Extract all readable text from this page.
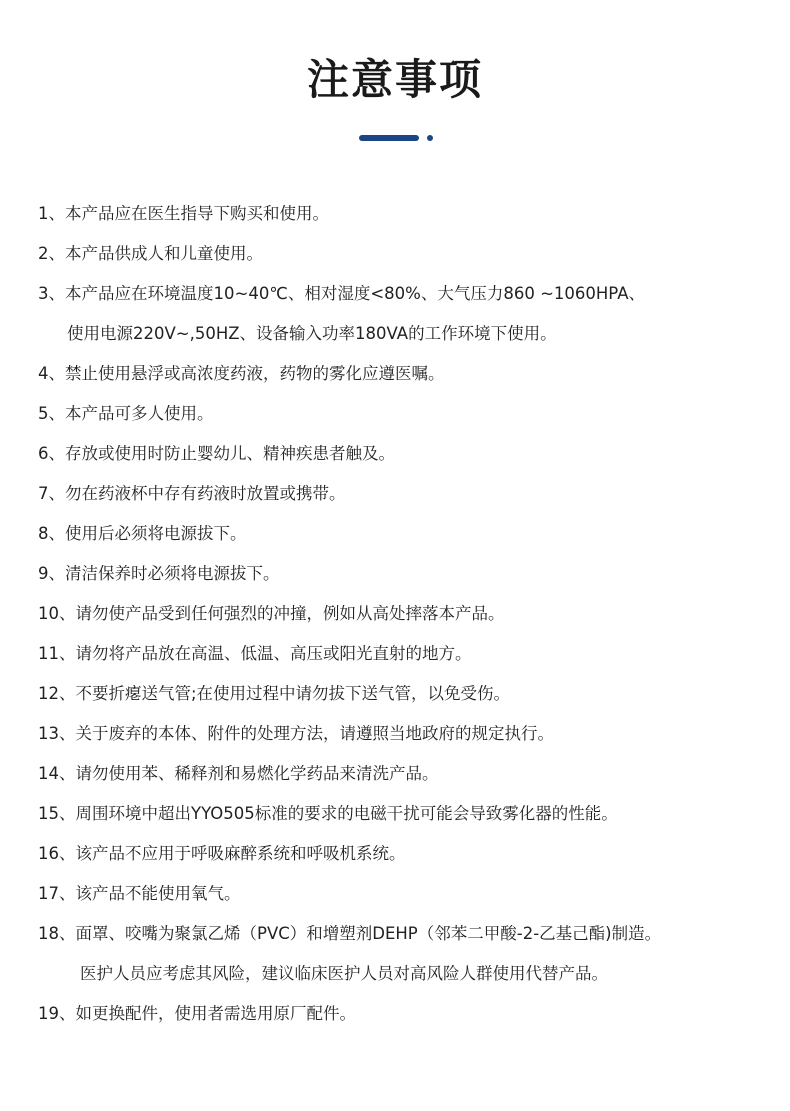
注意事项
1、本产品应在医生指导下购买和使用。
2、本产品供成人和儿童使用。
3、本产品应在环境温度10~40℃、相对湿度<80%、大气压力860 ~1060HPA、
使用电源220V~,50HZ、设备输入功率180VA的工作环境下使用。
4、禁止使用悬浮或高浓度药液，药物的雾化应遵医嘱。
5、本产品可多人使用。
6、存放或使用时防止婴幼儿、精神疾患者触及。
7、勿在药液杯中存有药液时放置或携带。
8、使用后必须将电源拔下。
9、清洁保养时必须将电源拔下。
10、请勿使产品受到任何强烈的冲撞，例如从高处摔落本产品。
11、请勿将产品放在高温、低温、高压或阳光直射的地方。
12、不要折瘪送气管;在使用过程中请勿拔下送气管，以免受伤。
13、关于废弃的本体、附件的处理方法，请遵照当地政府的规定执行。
14、请勿使用苯、稀释剂和易燃化学药品来清洗产品。
15、周围环境中超出YYO505标准的要求的电磁干扰可能会导致雾化器的性能。
16、该产品不应用于呼吸麻醉系统和呼吸机系统。
17、该产品不能使用氧气。
18、面罩、咬嘴为聚氯乙烯（PVC）和增塑剂DEHP（邻苯二甲酸-2-乙基己酯)制造。
医护人员应考虑其风险，建议临床医护人员对高风险人群使用代替产品。
19、如更换配件，使用者需选用原厂配件。
